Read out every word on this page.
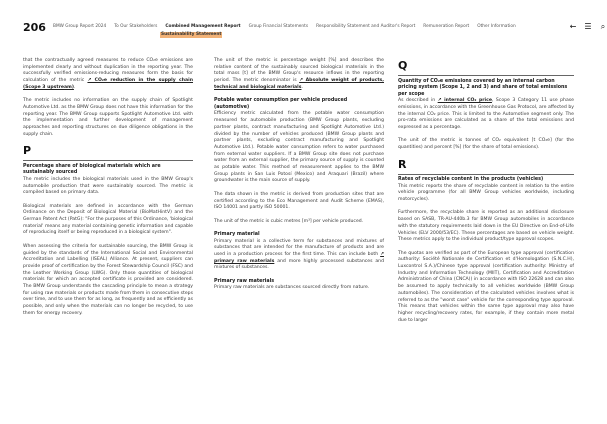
206 BMW Group Report 2024 To Our Stakeholders Combined Management Report Group Financial Statements Responsibility Statement and Auditor's Report Remuneration Report Other Information
Sustainability Statement
← ☰ ⌕

that the contractually agreed measures to reduce CO₂e emissions are implemented clearly and without duplication in the reporting year. The successfully verified emissions-reducing measures form the basis for calculation of the metric ↗ CO₂e reduction in the supply chain (Scope 3 upstream).

The metric includes no information on the supply chain of Spotlight Automotive Ltd. as the BMW Group does not have this information for the reporting year. The BMW Group supports Spotlight Automotive Ltd. with the implementation and further development of management approaches and reporting structures on due diligence obligations in the supply chain.

P
Percentage share of biological materials which are sustainably sourced

The metric includes the biological materials used in the BMW Group's automobile production that were sustainably sourced. The metric is compiled based on primary data.

Biological materials are defined in accordance with the German Ordinance on the Deposit of Biological Material (BioMatHintV) and the German Patent Act (PatG): "For the purposes of this Ordinance, 'biological material' means any material containing genetic information and capable of reproducing itself or being reproduced in a biological system".

When assessing the criteria for sustainable sourcing, the BMW Group is guided by the standards of the International Social and Environmental Accreditation and Labelling (ISEAL) Alliance. At present, suppliers can provide proof of certification by the Forest Stewardship Council (FSC) and the Leather Working Group (LWG). Only those quantities of biological materials for which an accepted certificate is provided are considered. The BMW Group understands the cascading principle to mean a strategy for using raw materials or products made from them in consecutive steps over time, and to use them for as long, as frequently and as efficiently as possible, and only when the materials can no longer be recycled, to use them for energy recovery.

The unit of the metric is percentage weight [%] and describes the relative content of the sustainably sourced biological materials in the total mass [t] of the BMW Group's resource inflows in the reporting period. The metric denominator is ↗ Absolute weight of products, technical and biological materials.

Potable water consumption per vehicle produced (automotive)

Efficiency metric calculated from the potable water consumption measured for automobile production (BMW Group plants, excluding partner plants, contract manufacturing and Spotlight Automotive Ltd.) divided by the number of vehicles produced (BMW Group plants and partner plants, excluding contract manufacturing and Spotlight Automotive Ltd.). Potable water consumption refers to water purchased from external water suppliers. If a BMW Group site does not purchase water from an external supplier, the primary source of supply is counted as potable water. This method of measurement applies to the BMW Group plants in San Luis Potosí (Mexico) and Araquari (Brazil) where groundwater is the main source of supply.

The data shown in the metric is derived from production sites that are certified according to the Eco Management and Audit Scheme (EMAS), ISO 14001 and partly ISO 50001.

The unit of the metric is cubic metres [m³] per vehicle produced.

Primary material

Primary material is a collective term for substances and mixtures of substances that are intended for the manufacture of products and are used in a production process for the first time. This can include both ↗ primary raw materials and more highly processed substances and mixtures of substances.

Primary raw materials

Primary raw materials are substances sourced directly from nature.

Q
Quantity of CO₂e emissions covered by an internal carbon pricing system (Scope 1, 2 and 3) and share of total emissions per scope

As described in ↗ internal CO₂ price, Scope 3 Category 11 use phase emissions, in accordance with the Greenhouse Gas Protocol, are affected by the internal CO₂ price. This is limited to the Automotive segment only. The pro-rata emissions are calculated as a share of the total emissions and expressed as a percentage.

The unit of the metric is tonnes of CO₂ equivalent [t CO₂e] (for the quantities) and percent [%] (for the share of total emissions).

R
Rates of recyclable content in the products (vehicles)

This metric reports the share of recyclable content in relation to the entire vehicle programme (for all BMW Group vehicles worldwide, including motorcycles).

Furthermore, the recyclable share is reported as an additional disclosure based on SASB, TR-AU-440b.3 for BMW Group automobiles in accordance with the statutory requirements laid down in the EU Directive on End-of-Life Vehicles (ELV 2000/53/EC). These percentages are based on vehicle weight. These metrics apply to the individual product/type approval scopes.

The quotas are verified as part of the European type approval (certification authority: Société Nationale de Certification et d'Homologation (S.N.C.H), Luxcontrol S.A.)/Chinese type approval (certification authority: Ministry of Industry and Information Technology (MIIT), Certification and Accreditation Administration of China (CNCA)) in accordance with ISO 22628 and can also be assumed to apply technically to all vehicles worldwide (BMW Group automobiles). The consideration of the calculated vehicles involves what is referred to as the "worst case" vehicle for the corresponding type approval. This means that vehicles within the same type approval may also have higher recycling/recovery rates, for example, if they contain more metal due to larger
